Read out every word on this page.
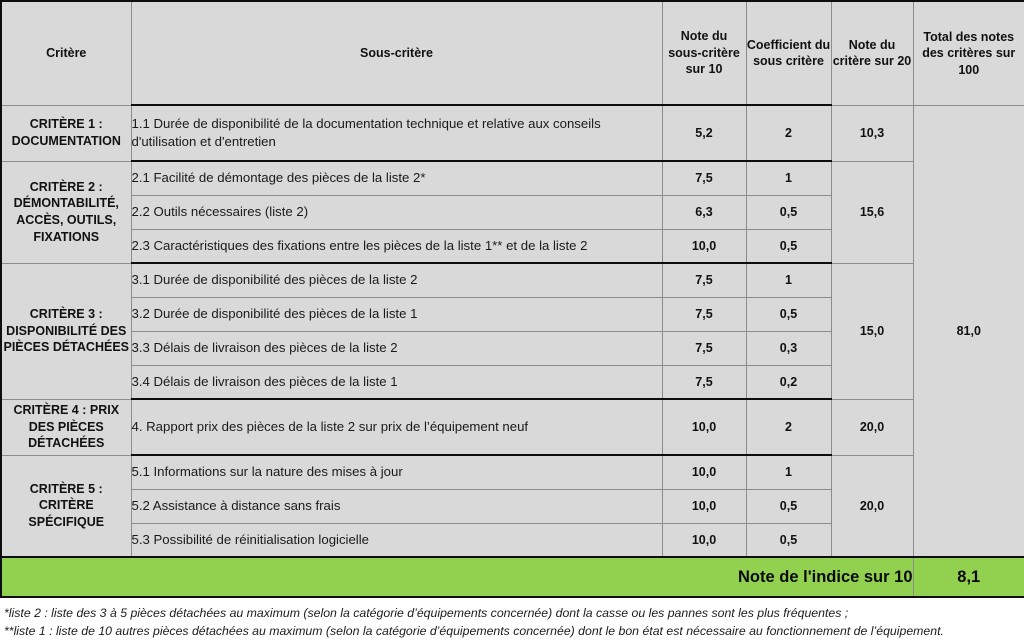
Critère	Sous-critère	Note du sous-critère sur 10	Coefficient du sous critère	Note du critère sur 20	Total des notes des critères sur 100
CRITÈRE 1 : DOCUMENTATION	1.1 Durée de disponibilité de la documentation technique et relative aux conseils d'utilisation et d'entretien	5,2	2	10,3	81,0
CRITÈRE 2 : DÉMONTABILITÉ, ACCÈS, OUTILS, FIXATIONS	2.1 Facilité de démontage des pièces de la liste 2*	7,5	1	15,6	
	2.2 Outils nécessaires (liste 2)	6,3	0,5		
	2.3 Caractéristiques des fixations entre les pièces de la liste 1** et de la liste 2	10,0	0,5		
CRITÈRE 3 : DISPONIBILITÉ DES PIÈCES DÉTACHÉES	3.1 Durée de disponibilité des pièces de la liste 2	7,5	1	15,0	
	3.2 Durée de disponibilité des pièces de la liste 1	7,5	0,5		
	3.3 Délais de livraison des pièces de la liste 2	7,5	0,3		
	3.4 Délais de livraison des pièces de la liste 1	7,5	0,2		
CRITÈRE 4 : PRIX DES PIÈCES DÉTACHÉES	4. Rapport prix des pièces de la liste 2 sur prix de l’équipement neuf	10,0	2	20,0	
CRITÈRE 5 : CRITÈRE SPÉCIFIQUE	5.1 Informations sur la nature des mises à jour	10,0	1	20,0	
	5.2 Assistance à distance sans frais	10,0	0,5		
	5.3 Possibilité de réinitialisation logicielle	10,0	0,5		
Note de l'indice sur 10					8,1

*liste 2 : liste des 3 à 5 pièces détachées au maximum (selon la catégorie d’équipements concernée) dont la casse ou les pannes sont les plus fréquentes ;

**liste 1 : liste de 10 autres pièces détachées au maximum (selon la catégorie d’équipements concernée) dont le bon état est nécessaire au fonctionnement de l’équipement.
